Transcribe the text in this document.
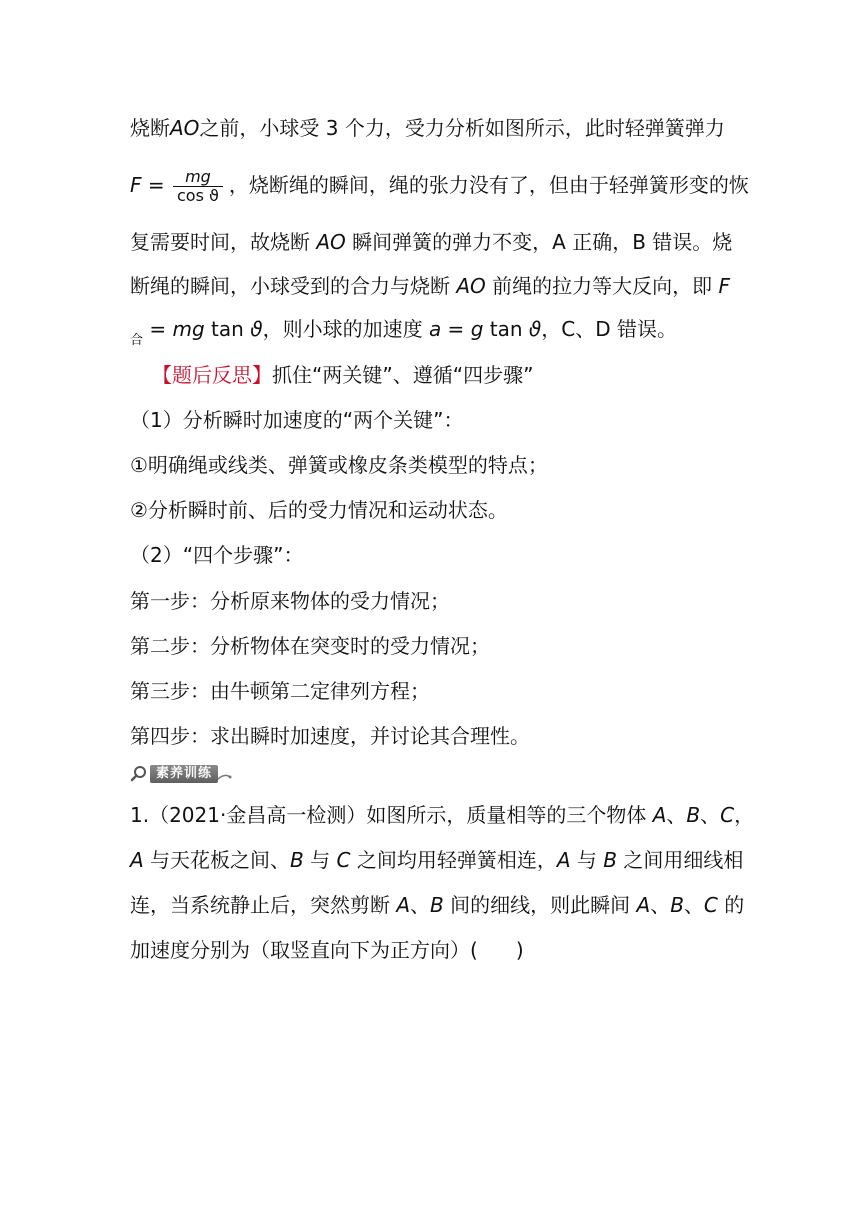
烧断AO之前，小球受 3 个力，受力分析如图所示，此时轻弹簧弹力
$F = \frac{mg}{\text{cos ϑ}}$ ，烧断绳的瞬间，绳的张力没有了，但由于轻弹簧形变的恢
复需要时间，故烧断 AO 瞬间弹簧的弹力不变，A 正确，B 错误。烧
断绳的瞬间，小球受到的合力与烧断 AO 前绳的拉力等大反向，即 F
$_合$ = mg tan ϑ，则小球的加速度 a = g tan ϑ，C、D 错误。
【题后反思】抓住“两关键”、遵循“四步骤”
（1）分析瞬时加速度的“两个关键”：
①明确绳或线类、弹簧或橡皮条类模型的特点；
②分析瞬时前、后的受力情况和运动状态。
（2）“四个步骤”：
第一步：分析原来物体的受力情况；
第二步：分析物体在突变时的受力情况；
第三步：由牛顿第二定律列方程；
第四步：求出瞬时加速度，并讨论其合理性。
素养训练
1.（2021·金昌高一检测）如图所示，质量相等的三个物体 A、B、C，
A 与天花板之间、B 与 C 之间均用轻弹簧相连，A 与 B 之间用细线相
连，当系统静止后，突然剪断 A、B 间的细线，则此瞬间 A、B、C 的
加速度分别为（取竖直向下为正方向）( )
